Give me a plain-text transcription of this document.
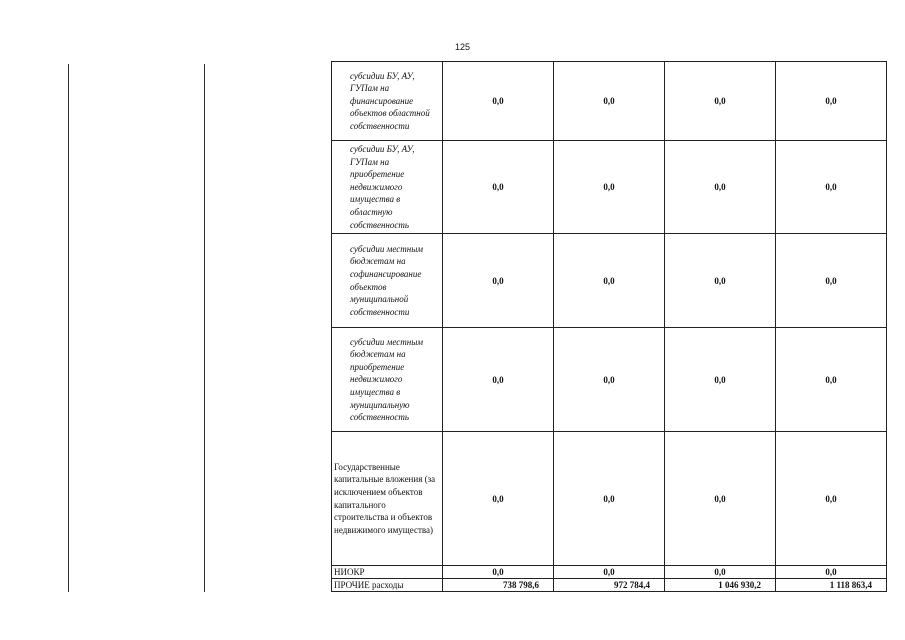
125
субсидии БУ, АУ, ГУПам на финансирование объектов областной собственности	0,0	0,0	0,0	0,0
субсидии БУ, АУ, ГУПам на приобретение недвижимого имущества в областную собственность	0,0	0,0	0,0	0,0
субсидии местным бюджетам на софинансирование объектов муниципальной собственности	0,0	0,0	0,0	0,0
субсидии местным бюджетам на приобретение недвижимого имущества в муниципальную собственность	0,0	0,0	0,0	0,0
Государственные капитальные вложения (за исключением объектов капитального строительства и объектов недвижимого имущества)	0,0	0,0	0,0	0,0
НИОКР	0,0	0,0	0,0	0,0
ПРОЧИЕ расходы	738 798,6	972 784,4	1 046 930,2	1 118 863,4
